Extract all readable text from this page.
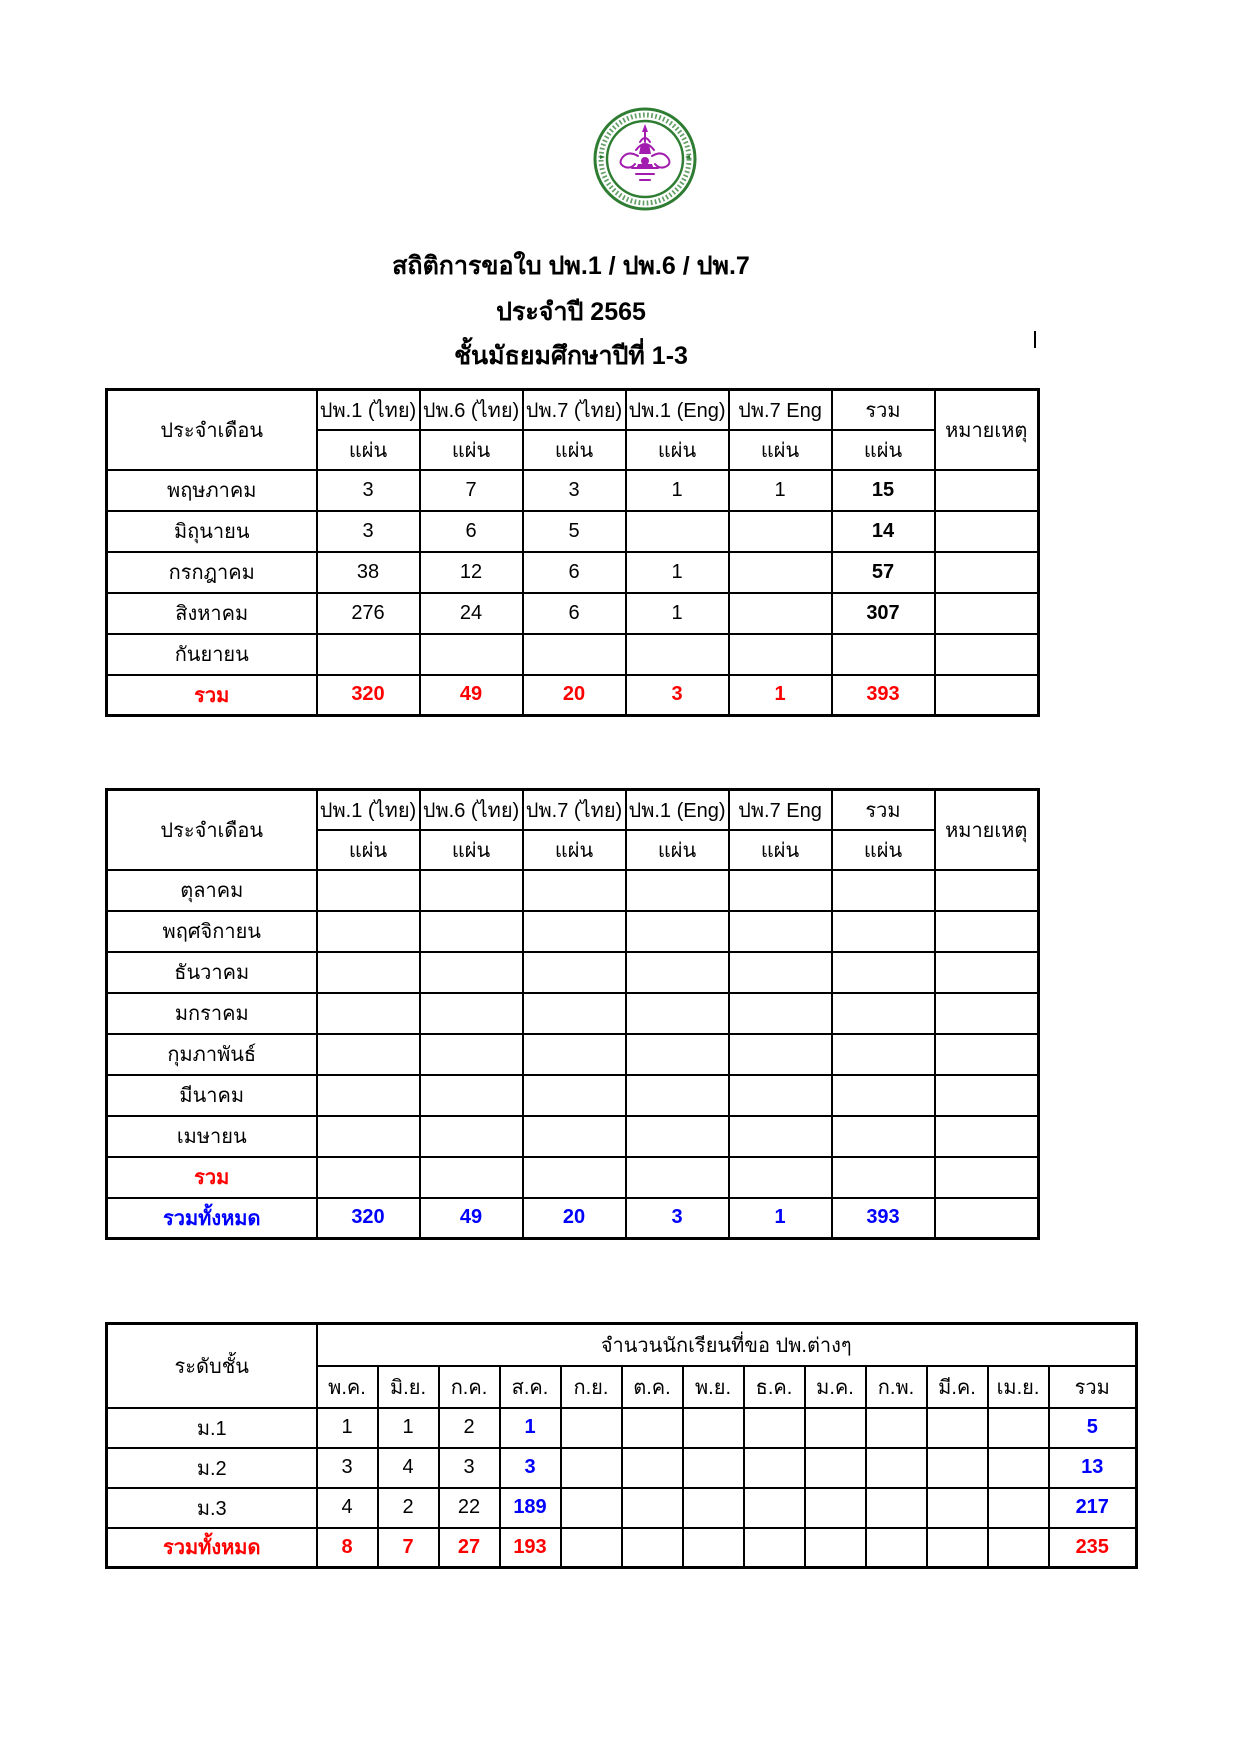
สถิติการขอใบ ปพ.1 / ปพ.6 / ปพ.7
ประจำปี 2565
ชั้นมัธยมศึกษาปีที่ 1-3
ประจำเดือน	ปพ.1 (ไทย)	ปพ.6 (ไทย)	ปพ.7 (ไทย)	ปพ.1 (Eng)	ปพ.7 Eng	รวม	หมายเหตุ
	แผ่น	แผ่น	แผ่น	แผ่น	แผ่น	แผ่น	
พฤษภาคม	3	7	3	1	1	15	
มิถุนายน	3	6	5			14	
กรกฎาคม	38	12	6	1		57	
สิงหาคม	276	24	6	1		307	
กันยายน							
รวม	320	49	20	3	1	393	
ประจำเดือน	ปพ.1 (ไทย)	ปพ.6 (ไทย)	ปพ.7 (ไทย)	ปพ.1 (Eng)	ปพ.7 Eng	รวม	หมายเหตุ
	แผ่น	แผ่น	แผ่น	แผ่น	แผ่น	แผ่น	
ตุลาคม							
พฤศจิกายน							
ธันวาคม							
มกราคม							
กุมภาพันธ์							
มีนาคม							
เมษายน							
รวม							
รวมทั้งหมด	320	49	20	3	1	393	
ระดับชั้น	จำนวนนักเรียนที่ขอ ปพ.ต่างๆ												
	พ.ค.	มิ.ย.	ก.ค.	ส.ค.	ก.ย.	ต.ค.	พ.ย.	ธ.ค.	ม.ค.	ก.พ.	มี.ค.	เม.ย.	รวม
ม.1	1	1	2	1									5
ม.2	3	4	3	3									13
ม.3	4	2	22	189									217
รวมทั้งหมด	8	7	27	193									235
